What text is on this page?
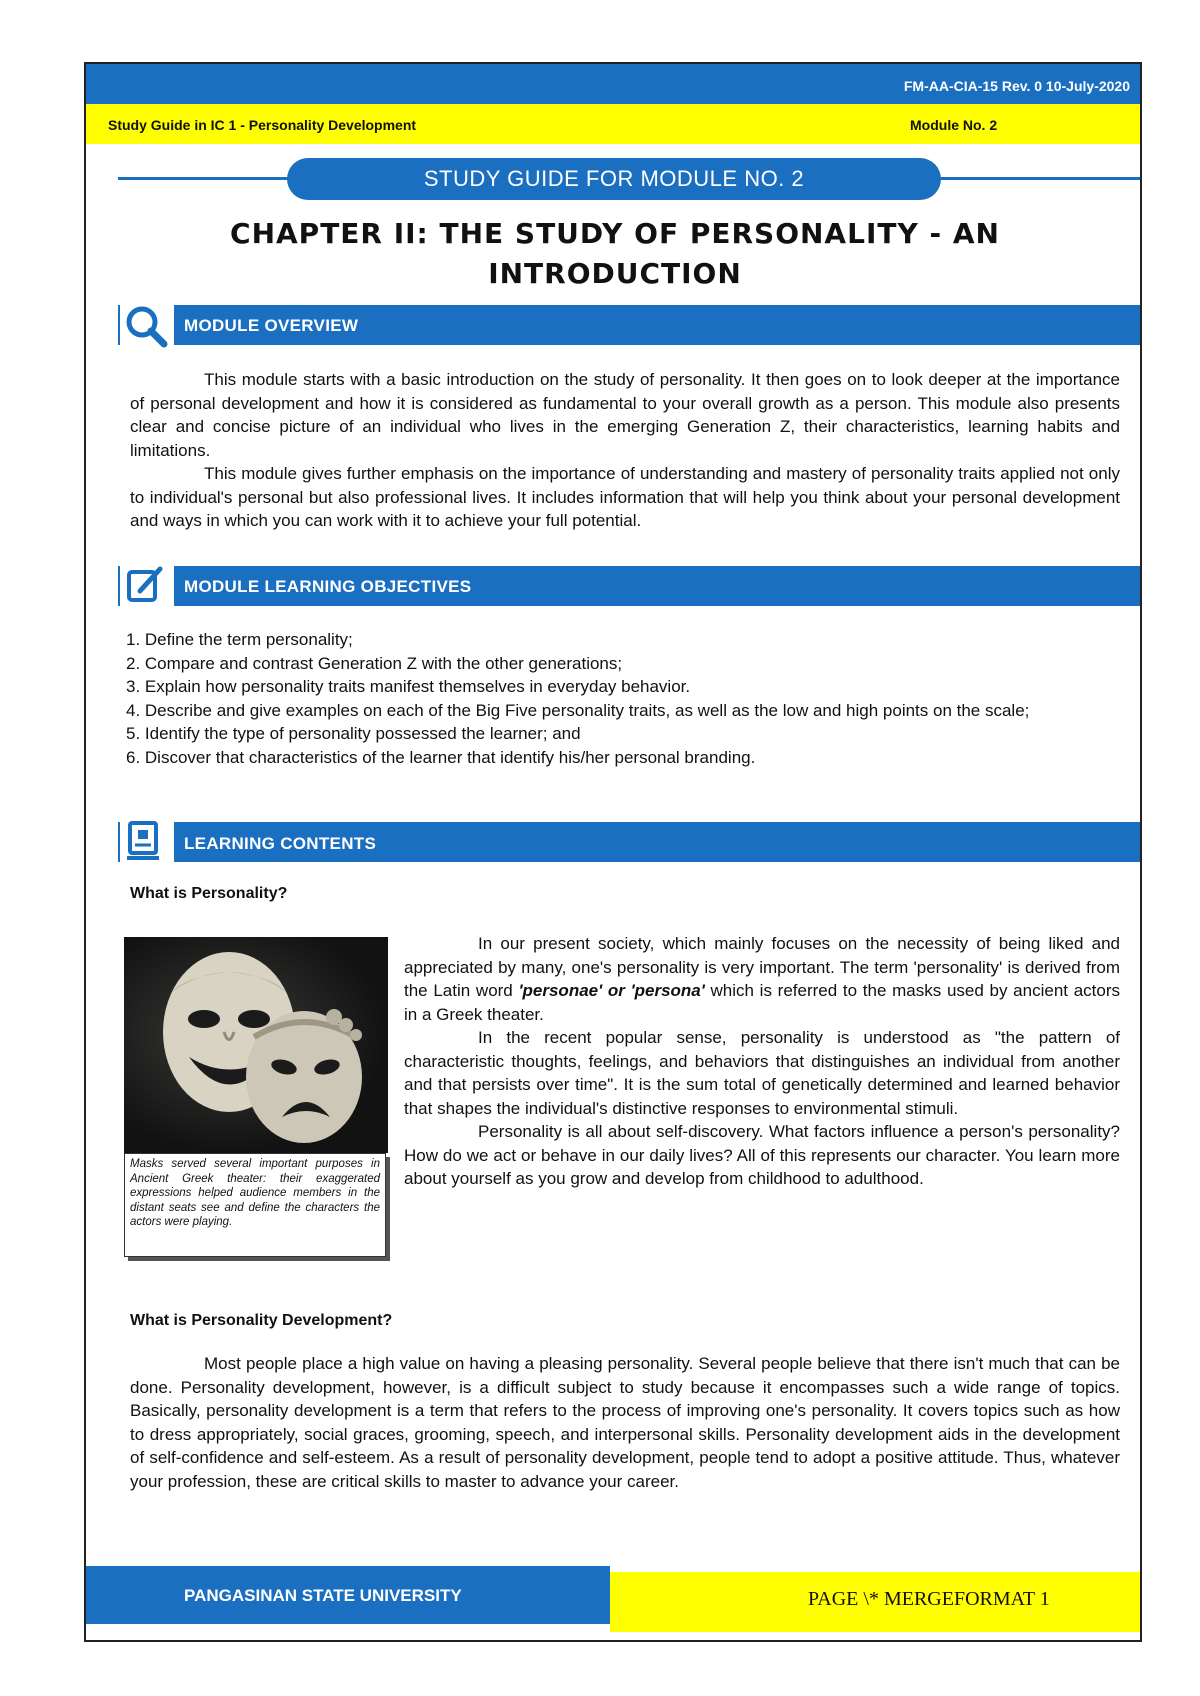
FM-AA-CIA-15 Rev. 0 10-July-2020
Study Guide in IC 1 - Personality Development	Module No. 2
STUDY GUIDE FOR MODULE NO. 2
CHAPTER II: THE STUDY OF PERSONALITY - AN
INTRODUCTION
MODULE OVERVIEW

This module starts with a basic introduction on the study of personality. It then goes on to look deeper at the importance of personal development and how it is considered as fundamental to your overall growth as a person. This module also presents clear and concise picture of an individual who lives in the emerging Generation Z, their characteristics, learning habits and limitations.

This module gives further emphasis on the importance of understanding and mastery of personality traits applied not only to individual's personal but also professional lives. It includes information that will help you think about your personal development and ways in which you can work with it to achieve your full potential.

MODULE LEARNING OBJECTIVES
1. Define the term personality;
2. Compare and contrast Generation Z with the other generations;
3. Explain how personality traits manifest themselves in everyday behavior.
4. Describe and give examples on each of the Big Five personality traits, as well as the low and high points on the scale;
5. Identify the type of personality possessed the learner; and
6. Discover that characteristics of the learner that identify his/her personal branding.
LEARNING CONTENTS
What is Personality?
Masks served several important purposes in Ancient Greek theater: their exaggerated expressions helped audience members in the distant seats see and define the characters the actors were playing.

In our present society, which mainly focuses on the necessity of being liked and appreciated by many, one's personality is very important. The term 'personality' is derived from the Latin word 'personae' or 'persona' which is referred to the masks used by ancient actors in a Greek theater.

In the recent popular sense, personality is understood as "the pattern of characteristic thoughts, feelings, and behaviors that distinguishes an individual from another and that persists over time". It is the sum total of genetically determined and learned behavior that shapes the individual's distinctive responses to environmental stimuli.

Personality is all about self-discovery. What factors influence a person's personality? How do we act or behave in our daily lives? All of this represents our character. You learn more about yourself as you grow and develop from childhood to adulthood.

What is Personality Development?

Most people place a high value on having a pleasing personality. Several people believe that there isn't much that can be done. Personality development, however, is a difficult subject to study because it encompasses such a wide range of topics. Basically, personality development is a term that refers to the process of improving one's personality. It covers topics such as how to dress appropriately, social graces, grooming, speech, and interpersonal skills. Personality development aids in the development of self-confidence and self-esteem. As a result of personality development, people tend to adopt a positive attitude. Thus, whatever your profession, these are critical skills to master to advance your career.

PANGASINAN STATE UNIVERSITY	PAGE \* MERGEFORMAT 1
